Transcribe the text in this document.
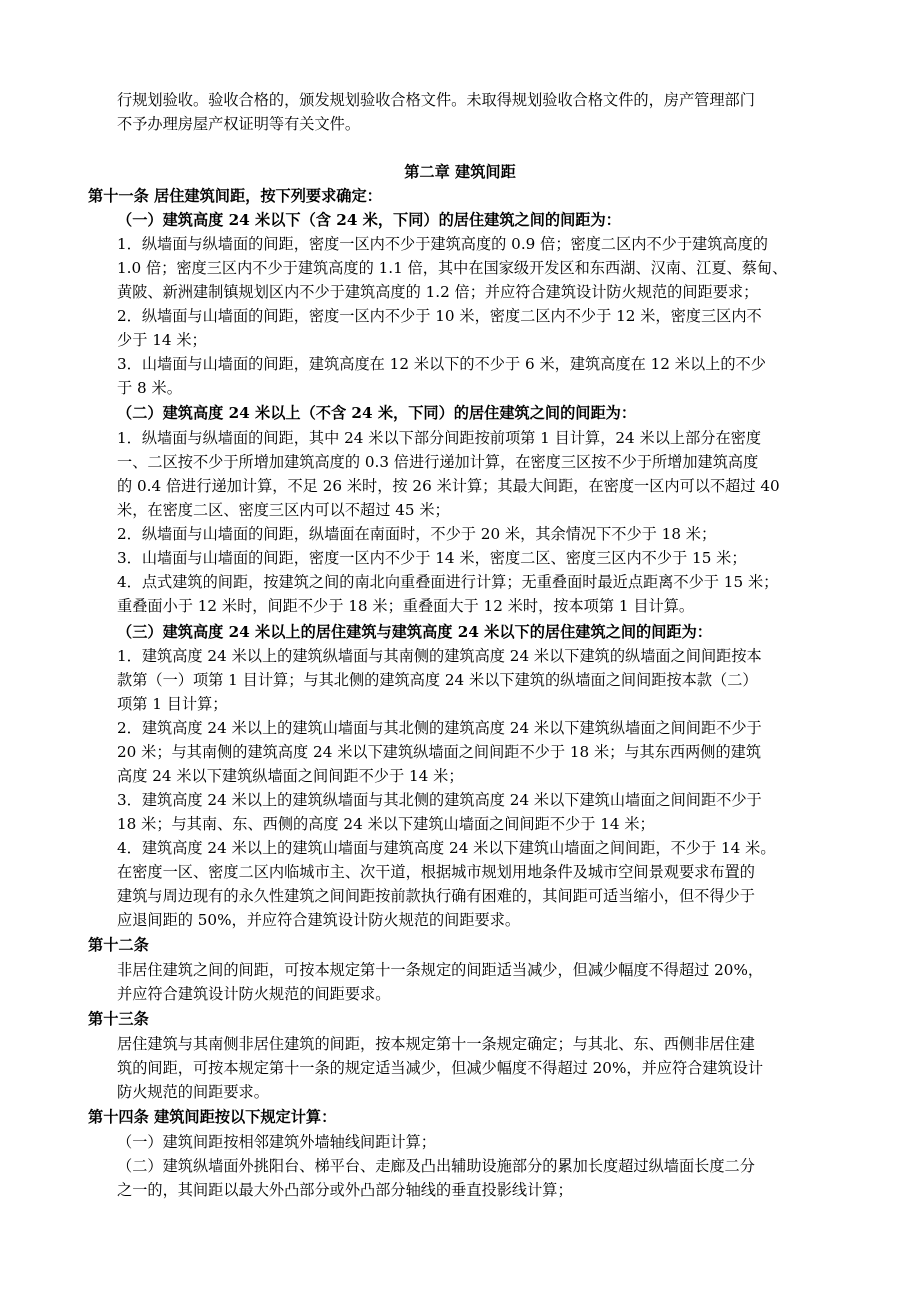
行规划验收。验收合格的，颁发规划验收合格文件。未取得规划验收合格文件的，房产管理部门
不予办理房屋产权证明等有关文件。
第二章 建筑间距
第十一条 居住建筑间距，按下列要求确定：
（一）建筑高度 24 米以下（含 24 米，下同）的居住建筑之间的间距为：
1．纵墙面与纵墙面的间距，密度一区内不少于建筑高度的 0.9 倍；密度二区内不少于建筑高度的
1.0 倍；密度三区内不少于建筑高度的 1.1 倍，其中在国家级开发区和东西湖、汉南、江夏、蔡甸、
黄陂、新洲建制镇规划区内不少于建筑高度的 1.2 倍；并应符合建筑设计防火规范的间距要求；
2．纵墙面与山墙面的间距，密度一区内不少于 10 米，密度二区内不少于 12 米，密度三区内不
少于 14 米；
3．山墙面与山墙面的间距，建筑高度在 12 米以下的不少于 6 米，建筑高度在 12 米以上的不少
于 8 米。
（二）建筑高度 24 米以上（不含 24 米，下同）的居住建筑之间的间距为：
1．纵墙面与纵墙面的间距，其中 24 米以下部分间距按前项第 1 目计算，24 米以上部分在密度
一、二区按不少于所增加建筑高度的 0.3 倍进行递加计算，在密度三区按不少于所增加建筑高度
的 0.4 倍进行递加计算，不足 26 米时，按 26 米计算；其最大间距，在密度一区内可以不超过 40
米，在密度二区、密度三区内可以不超过 45 米；
2．纵墙面与山墙面的间距，纵墙面在南面时，不少于 20 米，其余情况下不少于 18 米；
3．山墙面与山墙面的间距，密度一区内不少于 14 米，密度二区、密度三区内不少于 15 米；
4．点式建筑的间距，按建筑之间的南北向重叠面进行计算；无重叠面时最近点距离不少于 15 米；
重叠面小于 12 米时，间距不少于 18 米；重叠面大于 12 米时，按本项第 1 目计算。
（三）建筑高度 24 米以上的居住建筑与建筑高度 24 米以下的居住建筑之间的间距为：
1．建筑高度 24 米以上的建筑纵墙面与其南侧的建筑高度 24 米以下建筑的纵墙面之间间距按本
款第（一）项第 1 目计算；与其北侧的建筑高度 24 米以下建筑的纵墙面之间间距按本款（二）
项第 1 目计算；
2．建筑高度 24 米以上的建筑山墙面与其北侧的建筑高度 24 米以下建筑纵墙面之间间距不少于
20 米；与其南侧的建筑高度 24 米以下建筑纵墙面之间间距不少于 18 米；与其东西两侧的建筑
高度 24 米以下建筑纵墙面之间间距不少于 14 米；
3．建筑高度 24 米以上的建筑纵墙面与其北侧的建筑高度 24 米以下建筑山墙面之间间距不少于
18 米；与其南、东、西侧的高度 24 米以下建筑山墙面之间间距不少于 14 米；
4．建筑高度 24 米以上的建筑山墙面与建筑高度 24 米以下建筑山墙面之间间距，不少于 14 米。
在密度一区、密度二区内临城市主、次干道，根据城市规划用地条件及城市空间景观要求布置的
建筑与周边现有的永久性建筑之间间距按前款执行确有困难的，其间距可适当缩小，但不得少于
应退间距的 50%，并应符合建筑设计防火规范的间距要求。
第十二条
非居住建筑之间的间距，可按本规定第十一条规定的间距适当减少，但减少幅度不得超过 20%，
并应符合建筑设计防火规范的间距要求。
第十三条
居住建筑与其南侧非居住建筑的间距，按本规定第十一条规定确定；与其北、东、西侧非居住建
筑的间距，可按本规定第十一条的规定适当减少，但减少幅度不得超过 20%，并应符合建筑设计
防火规范的间距要求。
第十四条 建筑间距按以下规定计算：
（一）建筑间距按相邻建筑外墙轴线间距计算；
（二）建筑纵墙面外挑阳台、梯平台、走廊及凸出辅助设施部分的累加长度超过纵墙面长度二分
之一的，其间距以最大外凸部分或外凸部分轴线的垂直投影线计算；
